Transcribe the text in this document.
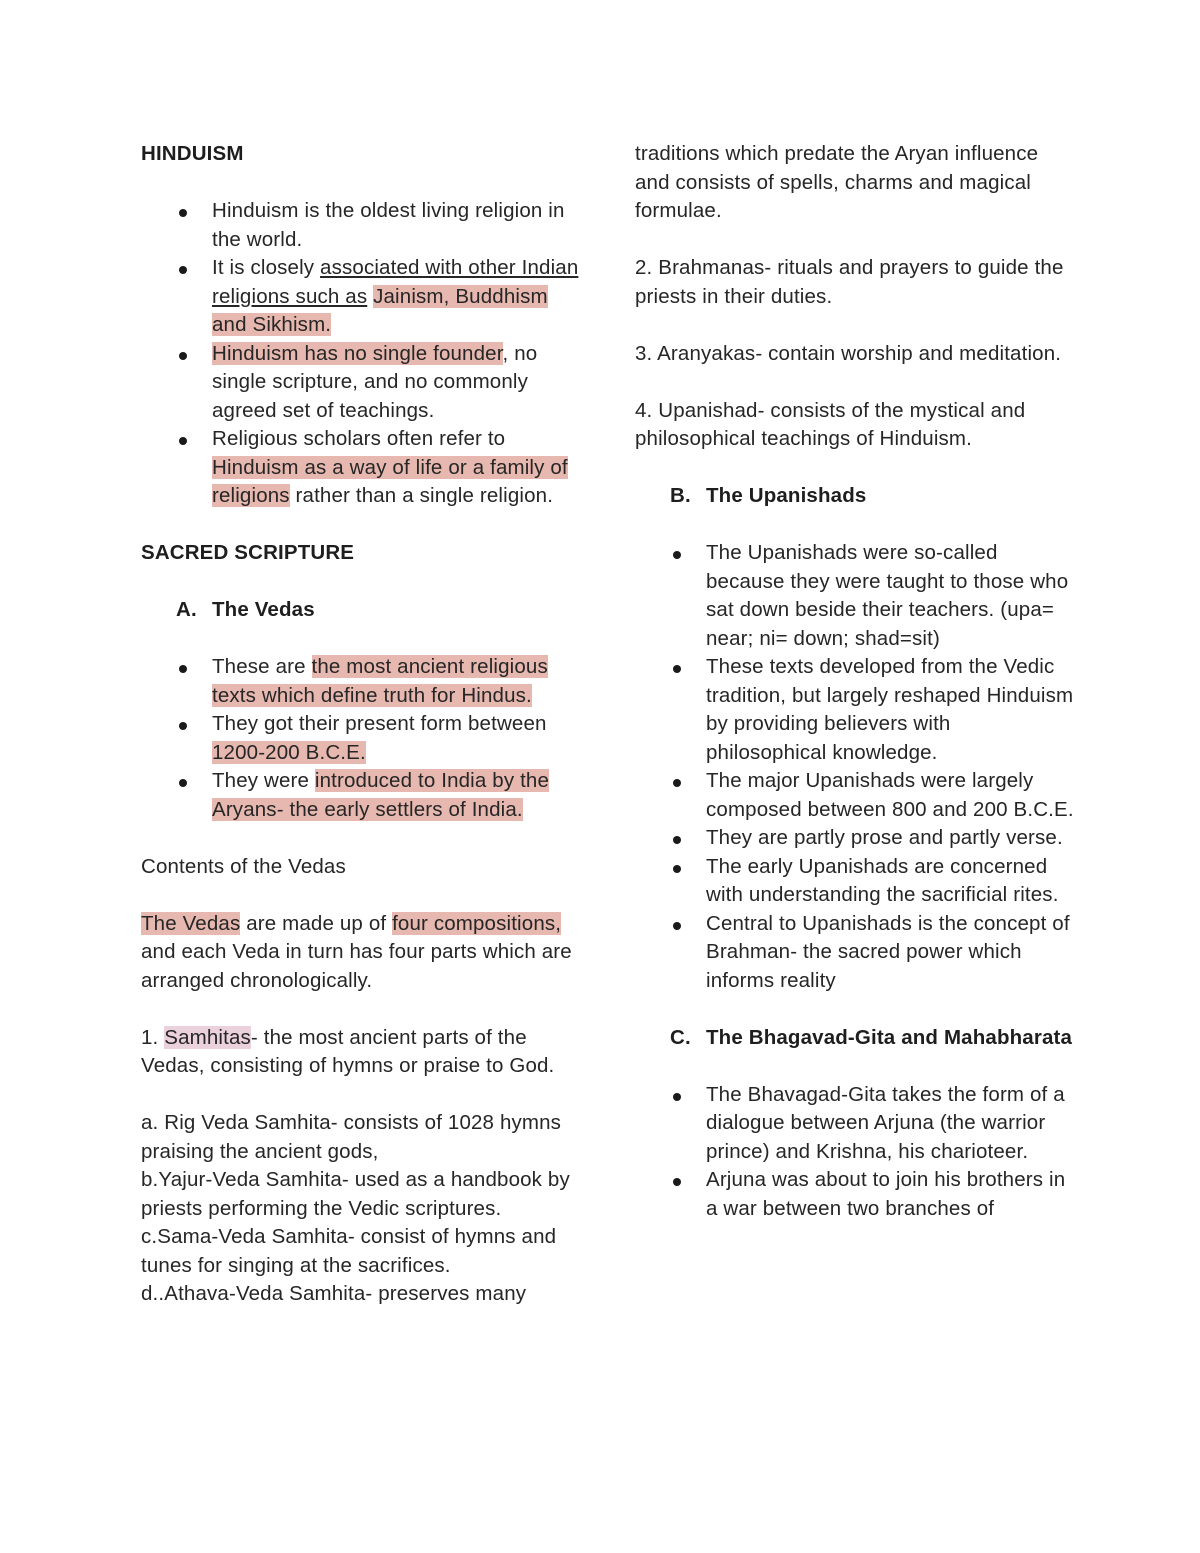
HINDUISM

Hinduism is the oldest living religion in the world.
It is closely associated with other Indian religions such as Jainism, Buddhism and Sikhism.
Hinduism has no single founder, no single scripture, and no commonly agreed set of teachings.
Religious scholars often refer to Hinduism as a way of life or a family of religions rather than a single religion.

SACRED SCRIPTURE

A. The Vedas

These are the most ancient religious texts which define truth for Hindus.
They got their present form between 1200-200 B.C.E.
They were introduced to India by the Aryans- the early settlers of India.

Contents of the Vedas

The Vedas are made up of four compositions, and each Veda in turn has four parts which are arranged chronologically.

1. Samhitas- the most ancient parts of the Vedas, consisting of hymns or praise to God.

a. Rig Veda Samhita- consists of 1028 hymns praising the ancient gods,

b.Yajur-Veda Samhita- used as a handbook by priests performing the Vedic scriptures.

c.Sama-Veda Samhita- consist of hymns and tunes for singing at the sacrifices.

d..Athava-Veda Samhita- preserves many

traditions which predate the Aryan influence and consists of spells, charms and magical formulae.

2. Brahmanas- rituals and prayers to guide the priests in their duties.

3. Aranyakas- contain worship and meditation.

4. Upanishad- consists of the mystical and philosophical teachings of Hinduism.

B. The Upanishads

The Upanishads were so-called because they were taught to those who sat down beside their teachers. (upa= near; ni= down; shad=sit)
These texts developed from the Vedic tradition, but largely reshaped Hinduism by providing believers with philosophical knowledge.
The major Upanishads were largely composed between 800 and 200 B.C.E.
They are partly prose and partly verse.
The early Upanishads are concerned with understanding the sacrificial rites.
Central to Upanishads is the concept of Brahman- the sacred power which informs reality

C. The Bhagavad-Gita and Mahabharata

The Bhavagad-Gita takes the form of a dialogue between Arjuna (the warrior prince) and Krishna, his charioteer.
Arjuna was about to join his brothers in a war between two branches of
